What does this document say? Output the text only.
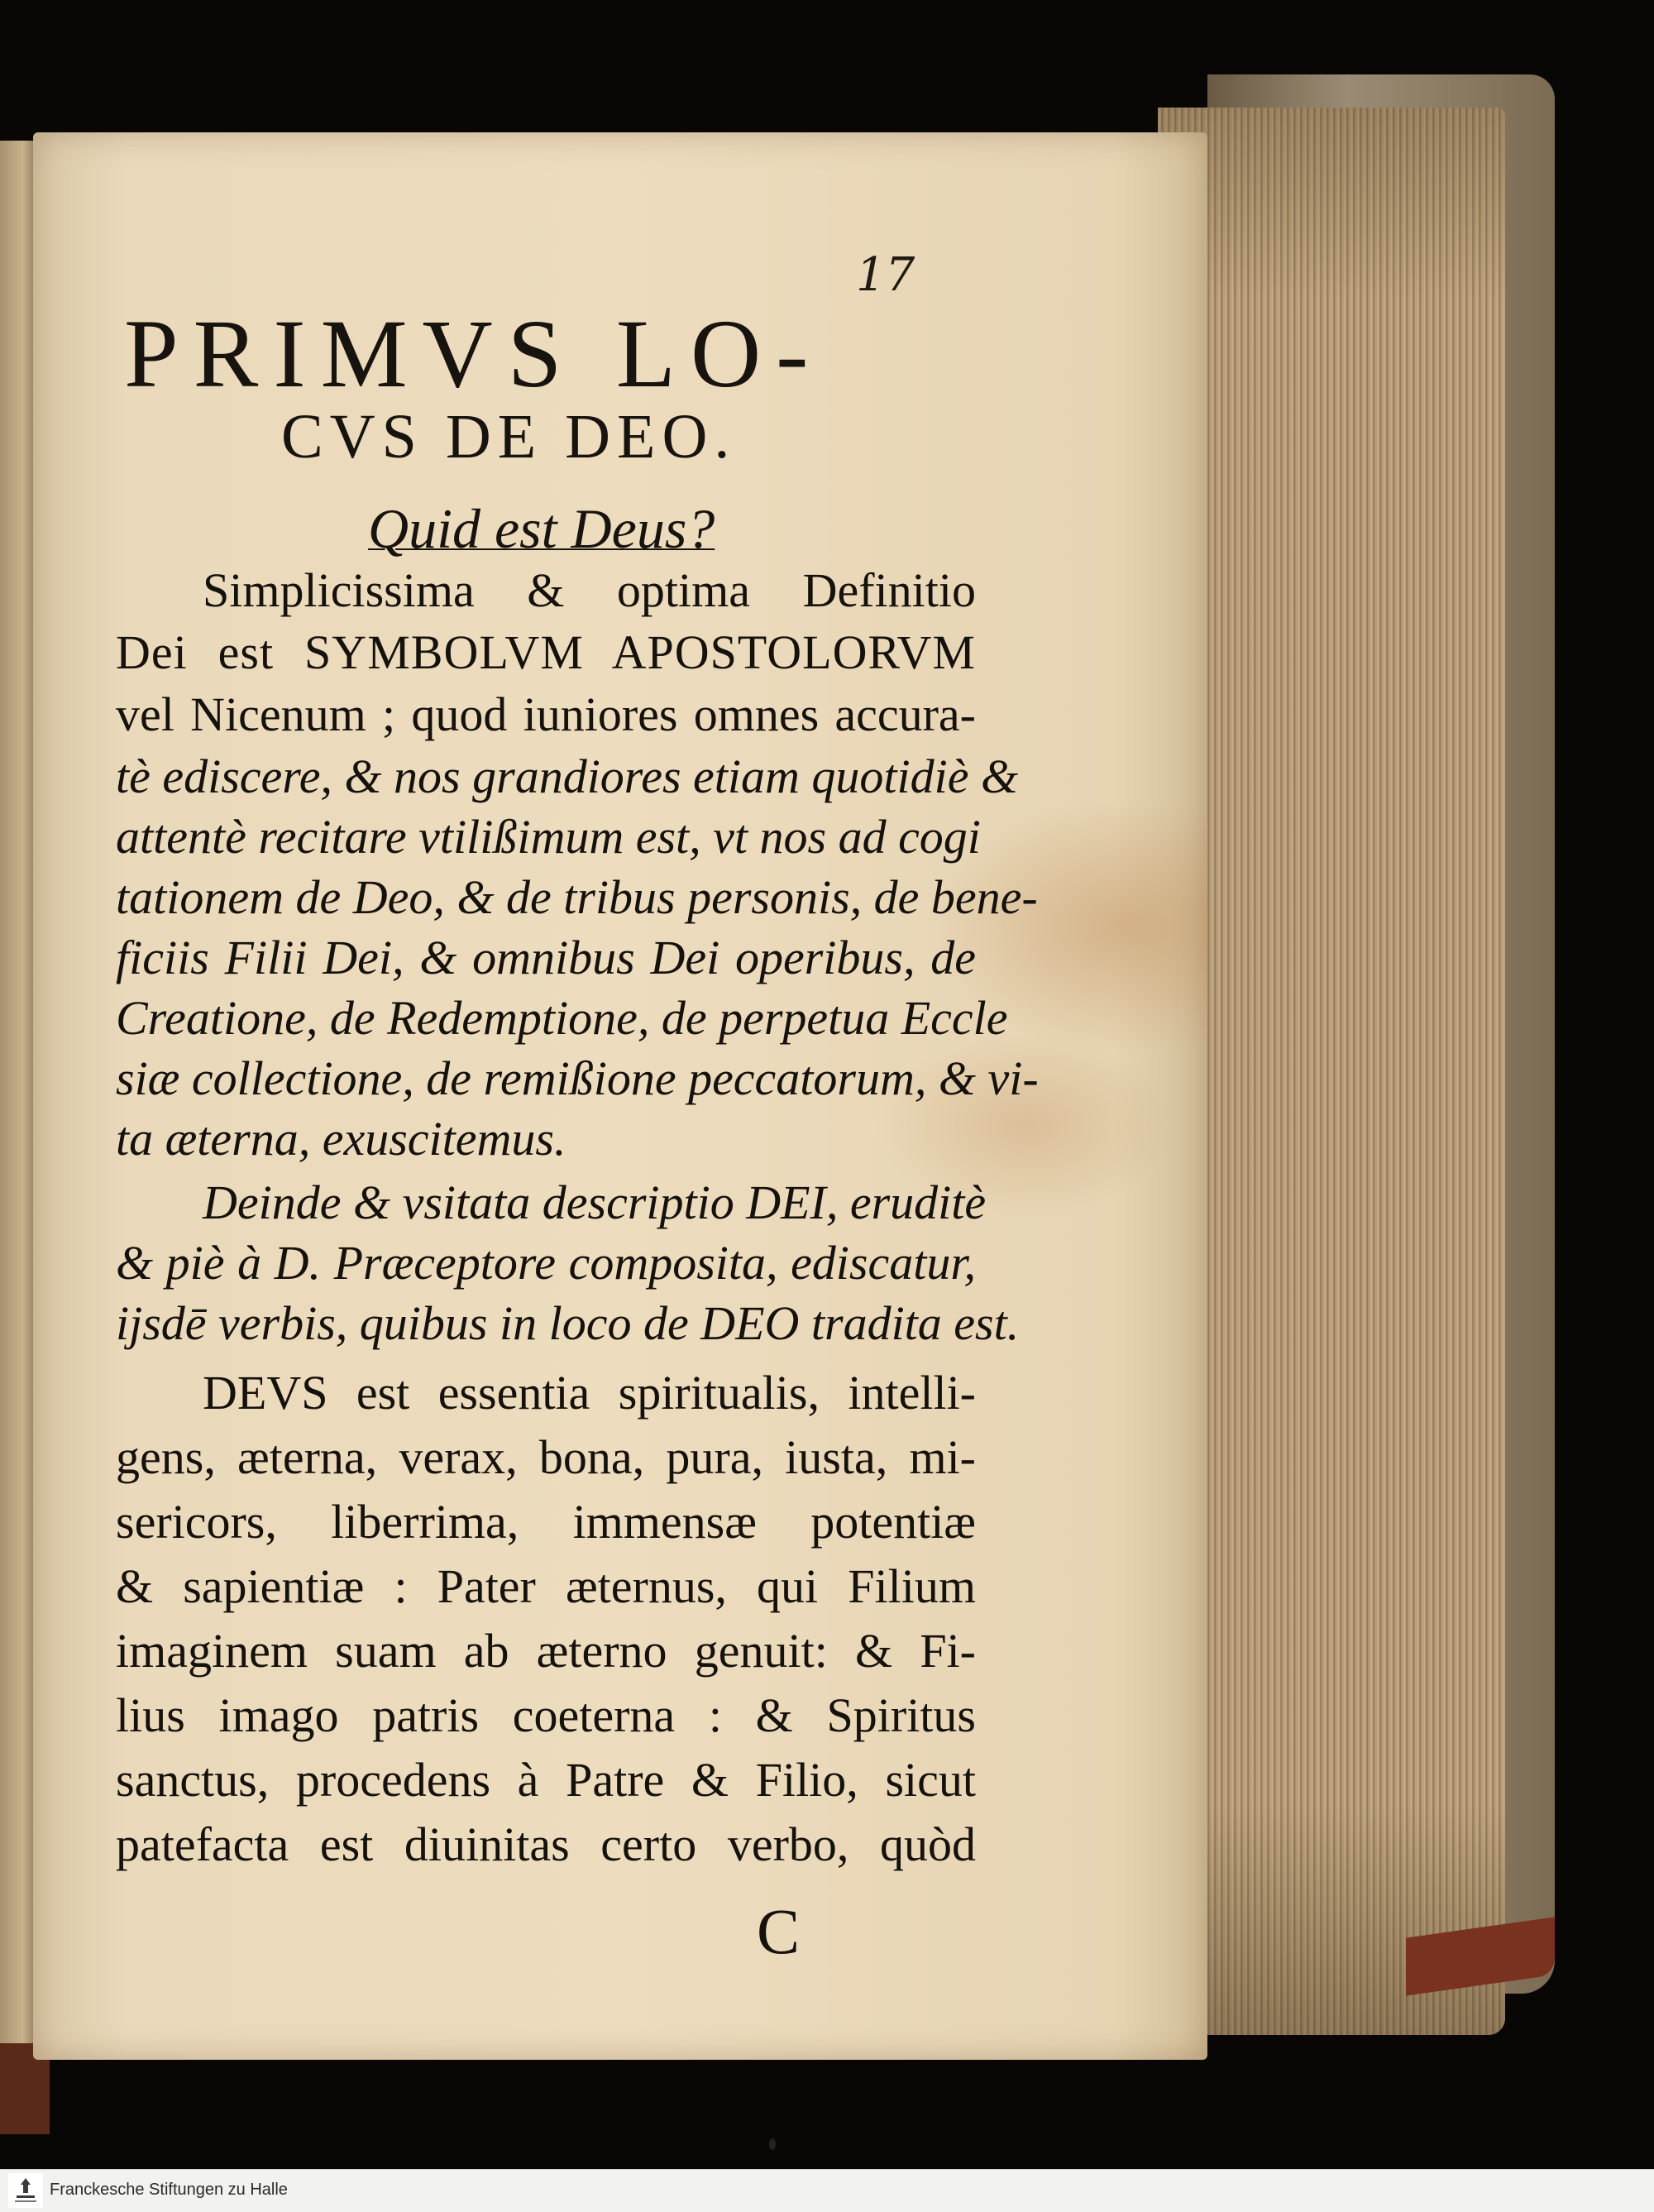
17
PRIMVS LO-
CVS DE DEO.
Quid est Deus?
Simplicissima & optima Definitio
Dei est SYMBOLVM APOSTOLORVM
vel Nicenum ; quod iuniores omnes accura-
tè ediscere, & nos grandiores etiam quotidiè &
attentè recitare vtilißimum est, vt nos ad cogi
tationem de Deo, & de tribus personis, de bene-
ficiis Filii Dei, & omnibus Dei operibus, de
Creatione, de Redemptione, de perpetua Eccle
siæ collectione, de remißione peccatorum, & vi-
ta æterna, exuscitemus.
Deinde & vsitata descriptio DEI, eruditè
& piè à D. Præceptore composita, ediscatur,
ijsdē verbis, quibus in loco de DEO tradita est.
DEVS est essentia spiritualis, intelli-
gens, æterna, verax, bona, pura, iusta, mi-
sericors, liberrima, immensæ potentiæ
& sapientiæ : Pater æternus, qui Filium
imaginem suam ab æterno genuit: & Fi-
lius imago patris coeterna : & Spiritus
sanctus, procedens à Patre & Filio, sicut
patefacta est diuinitas certo verbo, quòd
C
Franckesche Stiftungen zu Halle
